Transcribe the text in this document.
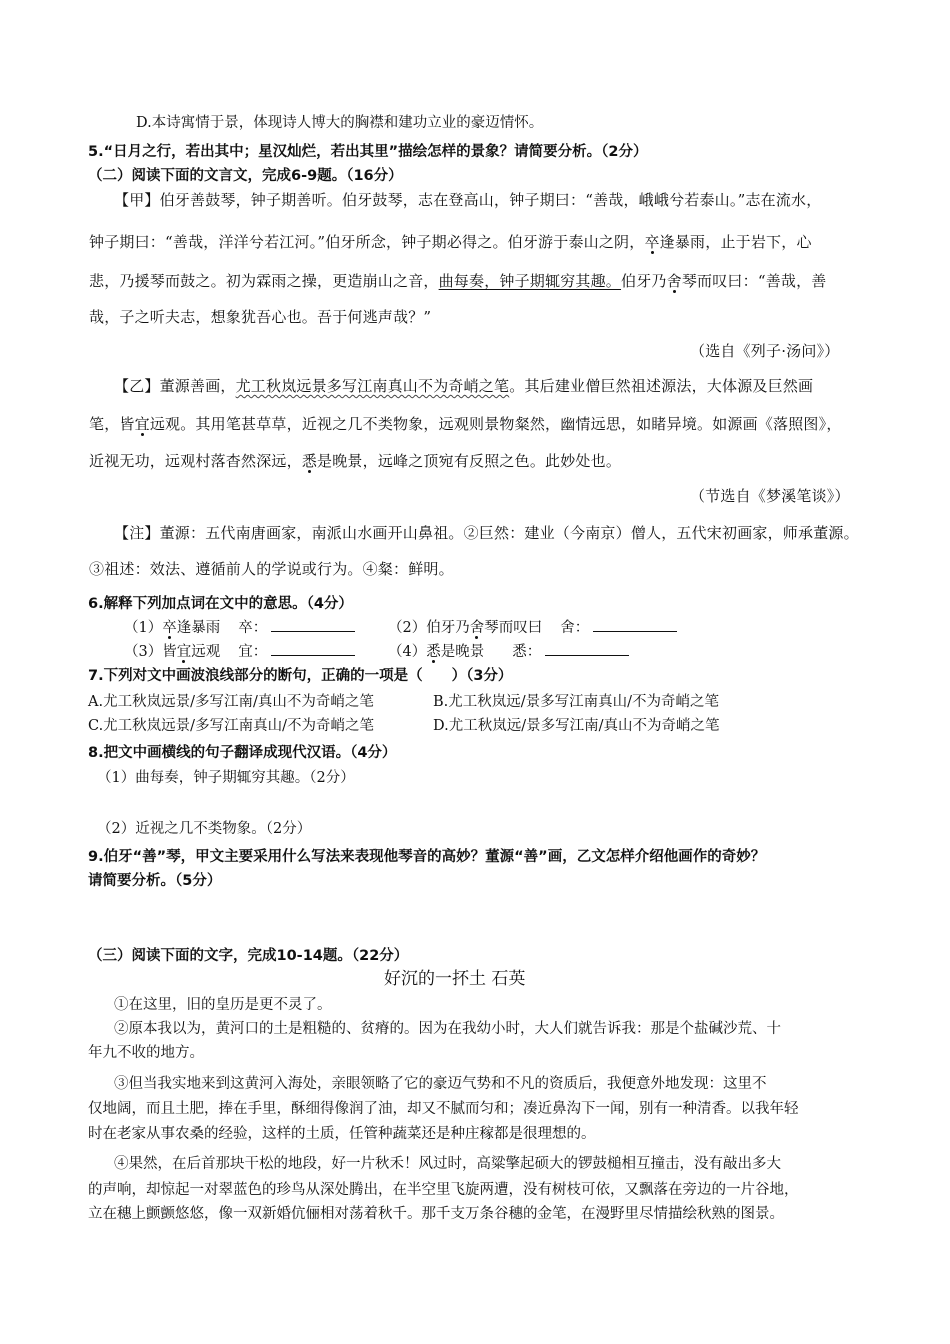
D.本诗寓情于景，体现诗人博大的胸襟和建功立业的豪迈情怀。
5.“日月之行，若出其中；星汉灿烂，若出其里”描绘怎样的景象？请简要分析。（2分）
（二）阅读下面的文言文，完成6-9题。（16分）
【甲】伯牙善鼓琴，钟子期善听。伯牙鼓琴，志在登高山，钟子期曰：“善哉，峨峨兮若泰山。”志在流水，
钟子期曰：“善哉，洋洋兮若江河。”伯牙所念，钟子期必得之。伯牙游于泰山之阴，卒逢暴雨，止于岩下，心
悲，乃援琴而鼓之。初为霖雨之操，更造崩山之音，曲每奏，钟子期辄穷其趣。伯牙乃舍琴而叹曰：“善哉，善
哉，子之听夫志，想象犹吾心也。吾于何逃声哉？”
（选自《列子·汤问》）
【乙】董源善画，尤工秋岚远景多写江南真山不为奇峭之笔。其后建业僧巨然祖述源法，大体源及巨然画
笔，皆宜远观。其用笔甚草草，近视之几不类物象，远观则景物粲然，幽情远思，如睹异境。如源画《落照图》，
近视无功，远观村落杳然深远，悉是晚景，远峰之顶宛有反照之色。此妙处也。
（节选自《梦溪笔谈》）
【注】董源：五代南唐画家，南派山水画开山鼻祖。②巨然：建业（今南京）僧人，五代宋初画家，师承董源。
③祖述：效法、遵循前人的学说或行为。④粲：鲜明。
6.解释下列加点词在文中的意思。（4分）
（1）卒逢暴雨 卒：	（2）伯牙乃舍琴而叹曰 舍：
（3）皆宜远观 宜：	（4）悉是晚景 悉：
7.下列对文中画波浪线部分的断句，正确的一项是（　　）（3分）
A.尤工秋岚远景/多写江南/真山不为奇峭之笔	B.尤工秋岚远/景多写江南真山/不为奇峭之笔
C.尤工秋岚远景/多写江南真山/不为奇峭之笔	D.尤工秋岚远/景多写江南/真山不为奇峭之笔
8.把文中画横线的句子翻译成现代汉语。（4分）
（1）曲每奏，钟子期辄穷其趣。（2分）
（2）近视之几不类物象。（2分）
9.伯牙“善”琴，甲文主要采用什么写法来表现他琴音的高妙？董源“善”画，乙文怎样介绍他画作的奇妙？
请简要分析。（5分）
（三）阅读下面的文字，完成10-14题。（22分）
好沉的一抔土 石英
①在这里，旧的皇历是更不灵了。
②原本我以为，黄河口的土是粗糙的、贫瘠的。因为在我幼小时，大人们就告诉我：那是个盐碱沙荒、十
年九不收的地方。
③但当我实地来到这黄河入海处，亲眼领略了它的豪迈气势和不凡的资质后，我便意外地发现：这里不
仅地阔，而且土肥，捧在手里，酥细得像润了油，却又不腻而匀和；凑近鼻沟下一闻，别有一种清香。以我年轻
时在老家从事农桑的经验，这样的土质，任管种蔬菜还是种庄稼都是很理想的。
④果然，在后首那块干松的地段，好一片秋禾！风过时，高粱擎起硕大的锣鼓槌相互撞击，没有敲出多大
的声响，却惊起一对翠蓝色的珍鸟从深处腾出，在半空里飞旋两遭，没有树枝可依，又飘落在旁边的一片谷地，
立在穗上颤颤悠悠，像一双新婚伉俪相对荡着秋千。那千支万条谷穗的金笔，在漫野里尽情描绘秋熟的图景。
